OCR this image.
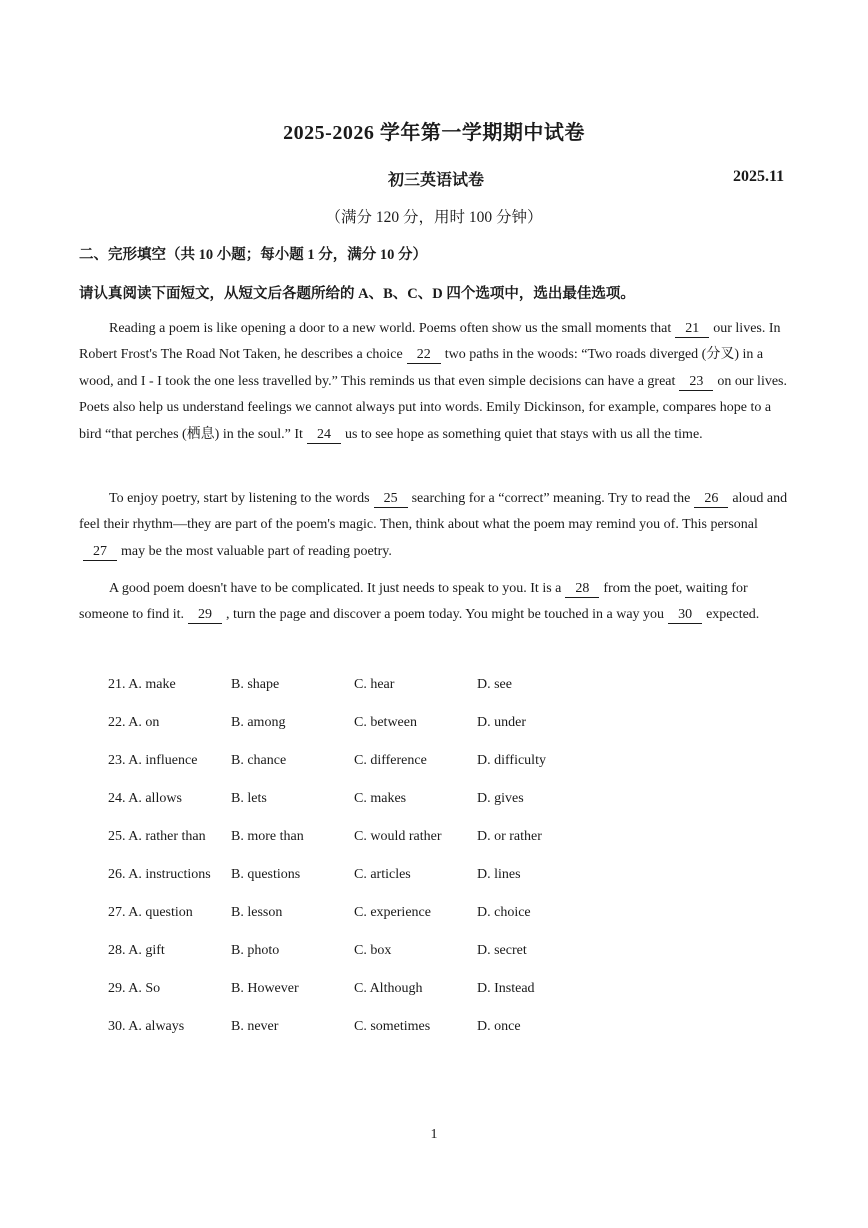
2025-2026 学年第一学期期中试卷
初三英语试卷	2025.11
（满分 120 分，用时 100 分钟）
二、完形填空（共 10 小题；每小题 1 分，满分 10 分）
请认真阅读下面短文，从短文后各题所给的 A、B、C、D 四个选项中，选出最佳选项。
Reading a poem is like opening a door to a new world. Poems often show us the small moments that 21 our lives. In Robert Frost's The Road Not Taken, he describes a choice 22 two paths in the woods: “Two roads diverged (分叉) in a wood, and I - I took the one less travelled by.” This reminds us that even simple decisions can have a great 23 on our lives. Poets also help us understand feelings we cannot always put into words. Emily Dickinson, for example, compares hope to a bird “that perches (栖息) in the soul.” It 24 us to see hope as something quiet that stays with us all the time.
To enjoy poetry, start by listening to the words 25 searching for a “correct” meaning. Try to read the 26 aloud and feel their rhythm—they are part of the poem's magic. Then, think about what the poem may remind you of. This personal27 may be the most valuable part of reading poetry.
A good poem doesn't have to be complicated. It just needs to speak to you. It is a 28 from the poet, waiting for someone to find it. 29 , turn the page and discover a poem today. You might be touched in a way you 30 expected.
21. A. make	B. shape	C. hear	D. see
22. A. on	B. among	C. between	D. under
23. A. influence	B. chance	C. difference	D. difficulty
24. A. allows	B. lets	C. makes	D. gives
25. A. rather than	B. more than	C. would rather	D. or rather
26. A. instructions	B. questions	C. articles	D. lines
27. A. question	B. lesson	C. experience	D. choice
28. A. gift	B. photo	C. box	D. secret
29. A. So	B. However	C. Although	D. Instead
30. A. always	B. never	C. sometimes	D. once
1
